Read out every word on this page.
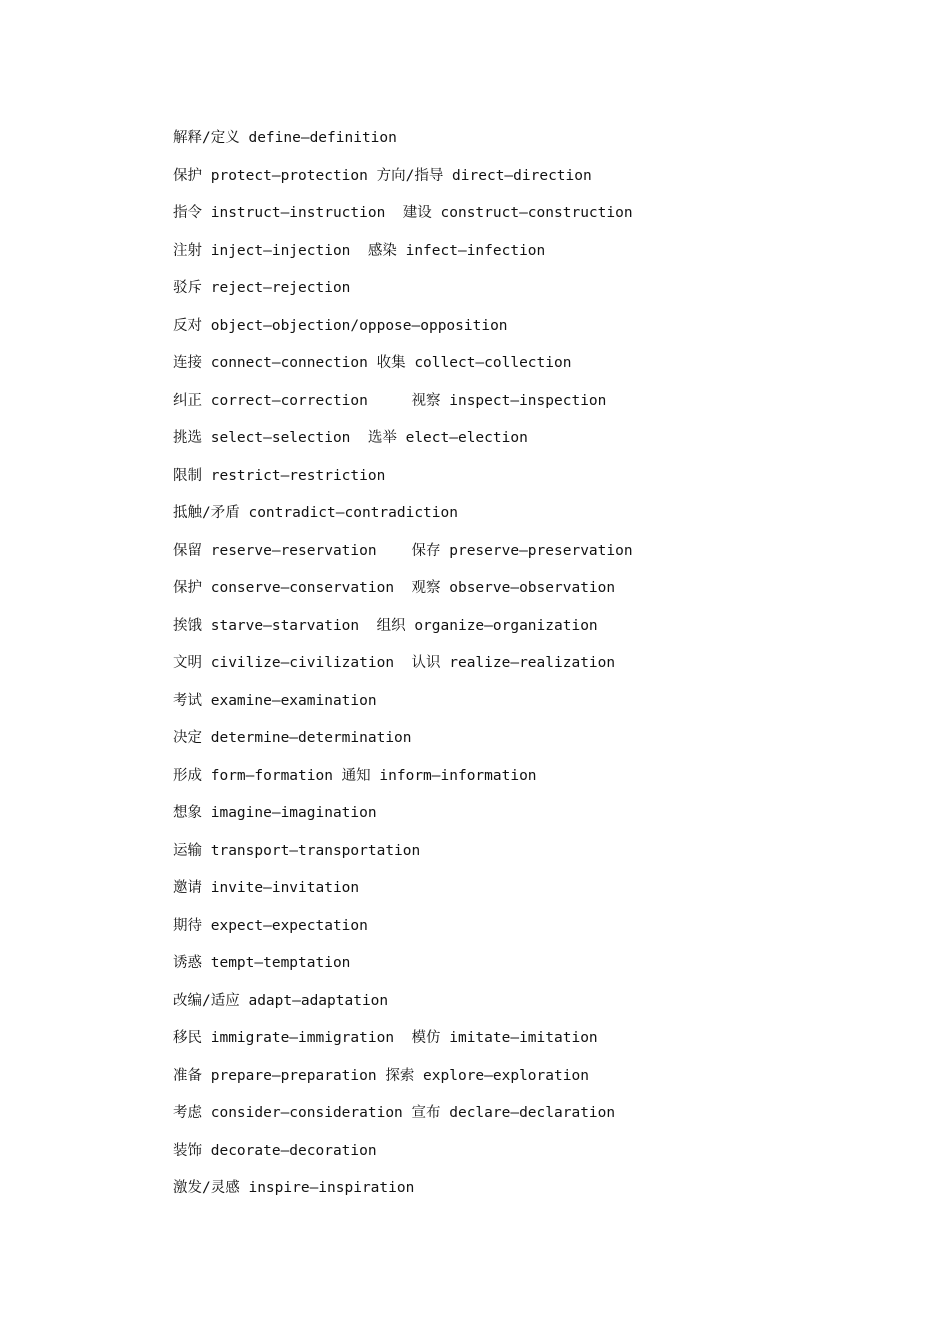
解释/定义 define—definition
保护 protect—protection 方向/指导 direct—direction
指令 instruct—instruction  建设 construct—construction
注射 inject—injection  感染 infect—infection
驳斥 reject—rejection
反对 object—objection/oppose—opposition
连接 connect—connection 收集 collect—collection
纠正 correct—correction     视察 inspect—inspection
挑选 select—selection  选举 elect—election
限制 restrict—restriction
抵触/矛盾 contradict—contradiction
保留 reserve—reservation    保存 preserve—preservation
保护 conserve—conservation  观察 observe—observation
挨饿 starve—starvation  组织 organize—organization
文明 civilize—civilization  认识 realize—realization
考试 examine—examination
决定 determine—determination
形成 form—formation 通知 inform—information
想象 imagine—imagination
运输 transport—transportation
邀请 invite—invitation
期待 expect—expectation
诱惑 tempt—temptation
改编/适应 adapt—adaptation
移民 immigrate—immigration  模仿 imitate—imitation
准备 prepare—preparation 探索 explore—exploration
考虑 consider—consideration 宣布 declare—declaration
装饰 decorate—decoration
激发/灵感 inspire—inspiration
